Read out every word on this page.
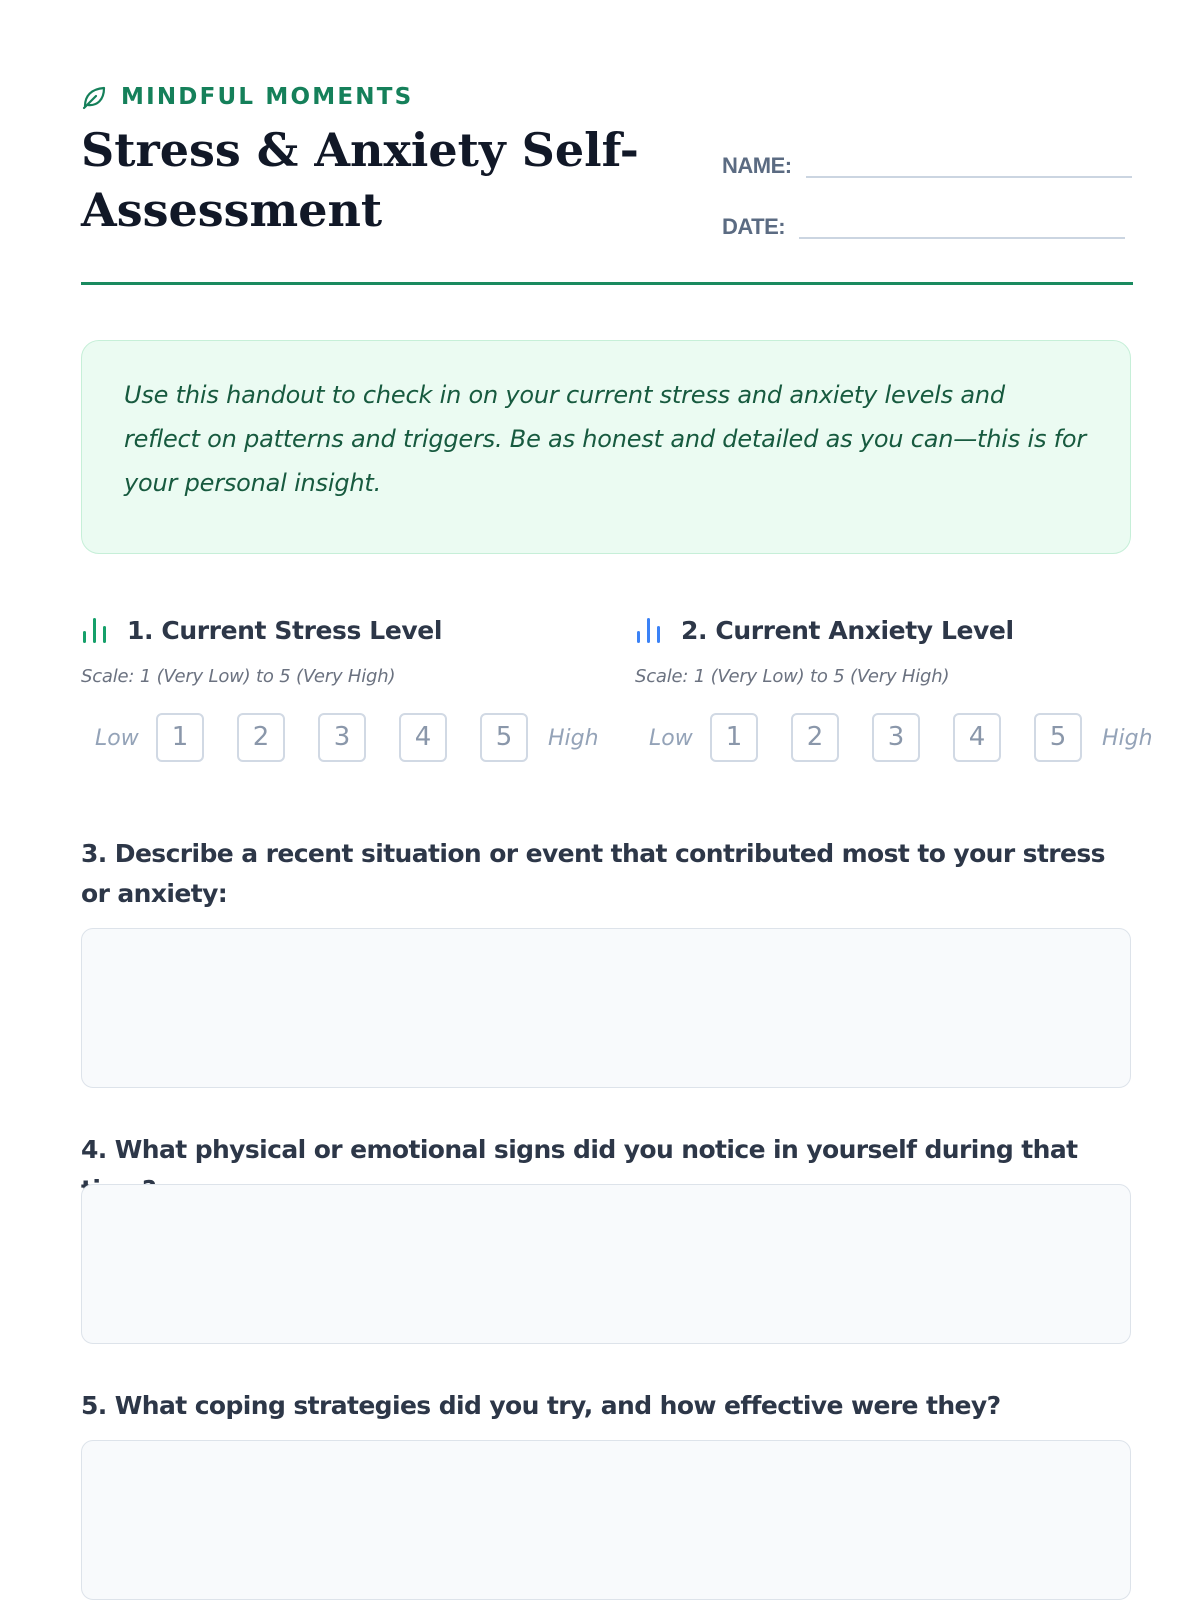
MINDFUL MOMENTS
Stress & Anxiety Self-Assessment
NAME:
DATE:

Use this handout to check in on your current stress and anxiety levels and reflect on patterns and triggers. Be as honest and detailed as you can—this is for your personal insight.

1. Current Stress Level
Scale: 1 (Very Low) to 5 (Very High)
Low	1	2	3	4	5	High
2. Current Anxiety Level
Scale: 1 (Very Low) to 5 (Very High)
Low	1	2	3	4	5	High

3. Describe a recent situation or event that contributed most to your stress or anxiety:

4. What physical or emotional signs did you notice in yourself during that

5. What coping strategies did you try, and how effective were they?
